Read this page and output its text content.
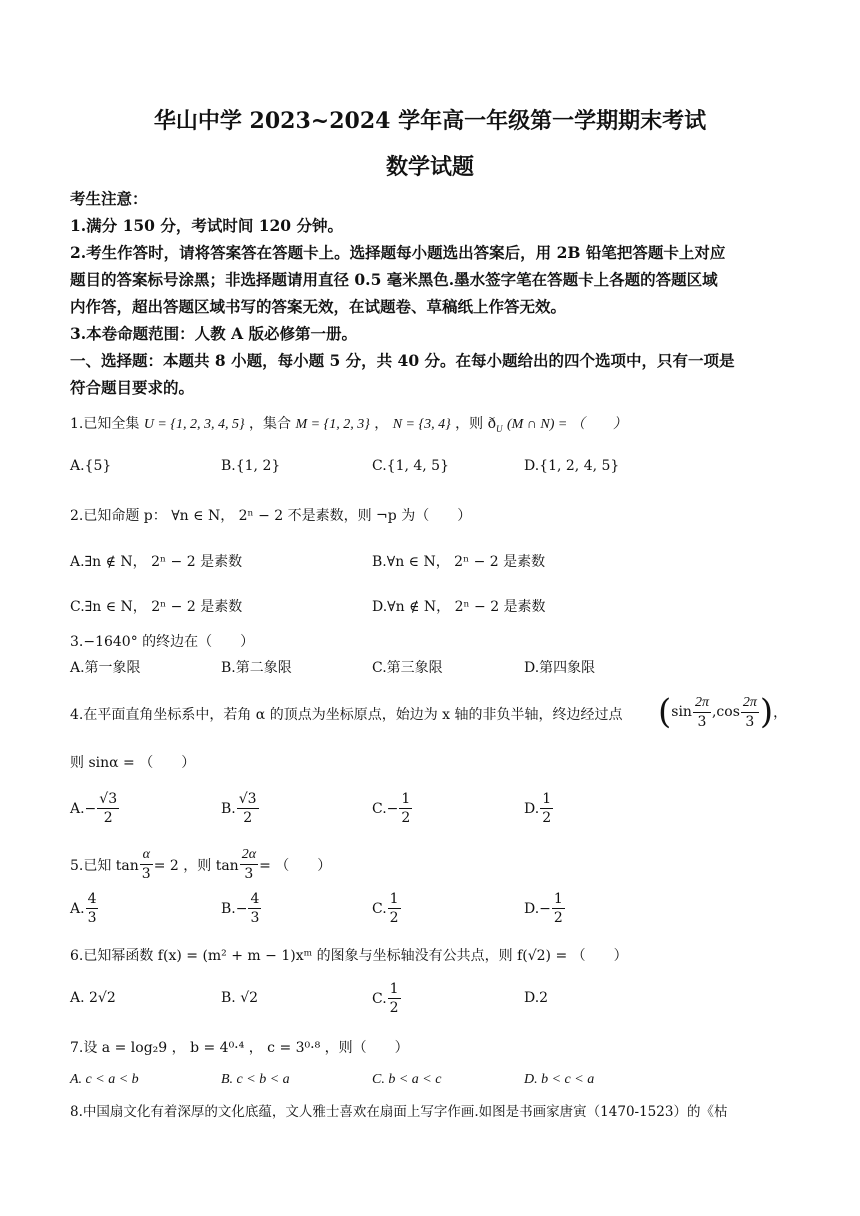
华山中学 2023~2024 学年高一年级第一学期期末考试
数学试题
考生注意：
1.满分 150 分，考试时间 120 分钟。
2.考生作答时，请将答案答在答题卡上。选择题每小题选出答案后，用 2B 铅笔把答题卡上对应
题目的答案标号涂黑；非选择题请用直径 0.5 毫米黑色.墨水签字笔在答题卡上各题的答题区域
内作答，超出答题区域书写的答案无效，在试题卷、草稿纸上作答无效。
3.本卷命题范围：人教 A 版必修第一册。
一、选择题：本题共 8 小题，每小题 5 分，共 40 分。在每小题给出的四个选项中，只有一项是
符合题目要求的。
1.已知全集 U = {1, 2, 3, 4, 5} ，集合 M = {1, 2, 3} ， N = {3, 4} ，则 $ð_U$ (M ∩ N) = （　　）
A.{5}	B.{1, 2}	C.{1, 4, 5}	D.{1, 2, 4, 5}
2.已知命题 p： ∀n ∈ N， 2ⁿ − 2 不是素数，则 ¬p 为（　　）
A.∃n ∉ N， 2ⁿ − 2 是素数	B.∀n ∈ N， 2ⁿ − 2 是素数
C.∃n ∈ N， 2ⁿ − 2 是素数	D.∀n ∉ N， 2ⁿ − 2 是素数
3.−1640° 的终边在（　　）
A.第一象限	B.第二象限	C.第三象限	D.第四象限
4.在平面直角坐标系中，若角 α 的顶点为坐标原点，始边为 x 轴的非负半轴，终边经过点 ( $\sin \frac{2\pi}{3} ,\cos \frac{2\pi}{3}$ ) ，
则 sinα = （　　）
$A.- \frac{√3}{2}$	B. $\frac{√3}{2}$	$C.- \frac{1}{2}$	D. $\frac{1}{2}$
5.已知 $\tan \frac{\alpha}{3} = 2$ ，则 $\tan \frac{2\alpha}{3}$ = （　　）
A. $\frac{4}{3}$	$B.- \frac{4}{3}$	C. $\frac{1}{2}$	$D.- \frac{1}{2}$
6.已知幂函数 f(x) = (m² + m − 1)xᵐ 的图象与坐标轴没有公共点，则 f(√2) = （　　）
A. 2√2	B. √2	C. $\frac{1}{2}$	D.2
7.设 a = log₂9 ， b = 4⁰·⁴ ， c = 3⁰·⁸ ，则（　　）
A. c < a < b	B. c < b < a	C. b < a < c	D. b < c < a
8.中国扇文化有着深厚的文化底蕴，文人雅士喜欢在扇面上写字作画.如图是书画家唐寅（1470-1523）的《枯
